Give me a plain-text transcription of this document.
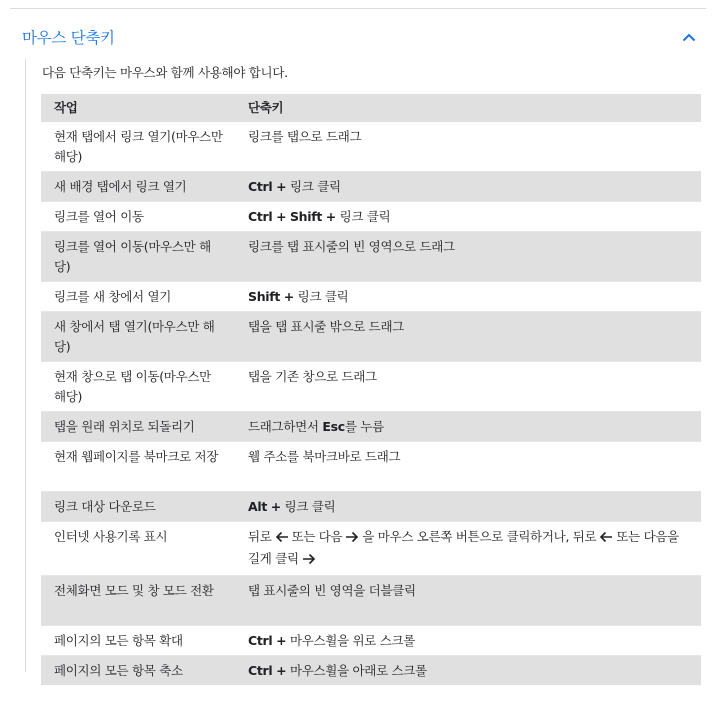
마우스 단축키
다음 단축키는 마우스와 함께 사용해야 합니다.
작업	단축키
현재 탭에서 링크 열기(마우스만 해당)	링크를 탭으로 드래그
새 배경 탭에서 링크 열기	Ctrl + 링크 클릭
링크를 열어 이동	Ctrl + Shift + 링크 클릭
링크를 열어 이동(마우스만 해당)	링크를 탭 표시줄의 빈 영역으로 드래그
링크를 새 창에서 열기	Shift + 링크 클릭
새 창에서 탭 열기(마우스만 해당)	탭을 탭 표시줄 밖으로 드래그
현재 창으로 탭 이동(마우스만 해당)	탭을 기존 창으로 드래그
탭을 원래 위치로 되돌리기	드래그하면서 Esc를 누름
현재 웹페이지를 북마크로 저장	웹 주소를 북마크바로 드래그
링크 대상 다운로드	Alt + 링크 클릭
인터넷 사용기록 표시	뒤로 또는 다음 을 마우스 오른쪽 버튼으로 클릭하거나, 뒤로 또는 다음을 길게 클릭
전체화면 모드 및 창 모드 전환	탭 표시줄의 빈 영역을 더블클릭
페이지의 모든 항목 확대	Ctrl + 마우스휠을 위로 스크롤
페이지의 모든 항목 축소	Ctrl + 마우스휠을 아래로 스크롤
